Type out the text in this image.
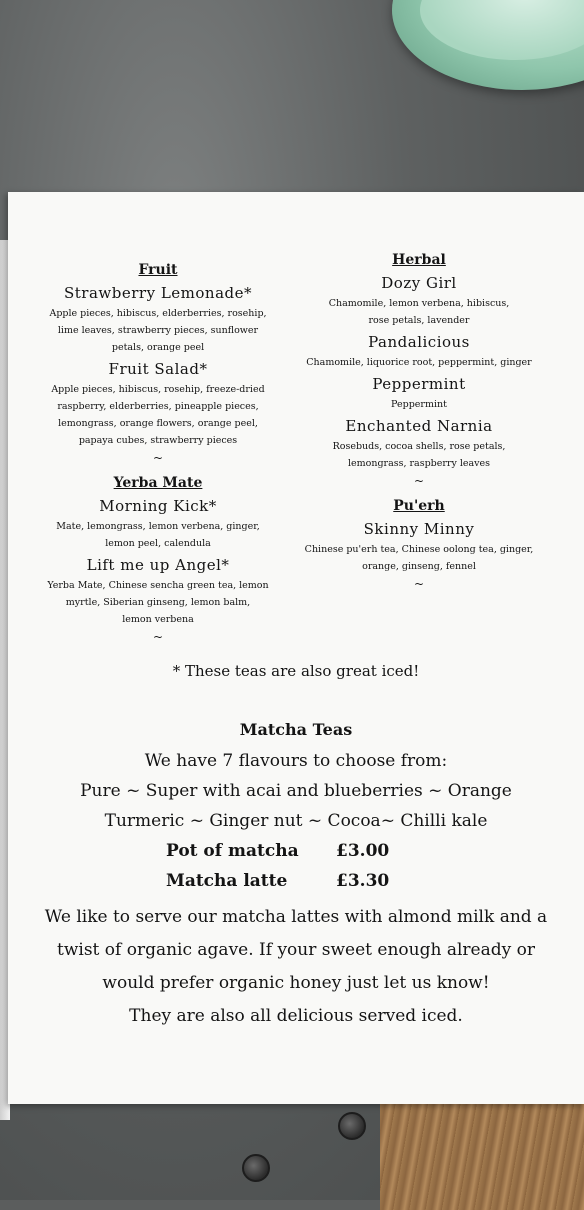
Fruit
Strawberry Lemonade*
Apple pieces, hibiscus, elderberries, rosehip,
lime leaves, strawberry pieces, sunflower
petals, orange peel
Fruit Salad*
Apple pieces, hibiscus, rosehip, freeze-dried
raspberry, elderberries, pineapple pieces,
lemongrass, orange flowers, orange peel,
papaya cubes, strawberry pieces
~
Yerba Mate
Morning Kick*
Mate, lemongrass, lemon verbena, ginger,
lemon peel, calendula
Lift me up Angel*
Yerba Mate, Chinese sencha green tea, lemon
myrtle, Siberian ginseng, lemon balm,
lemon verbena
~
Herbal
Dozy Girl
Chamomile, lemon verbena, hibiscus,
rose petals, lavender
Pandalicious
Chamomile, liquorice root, peppermint, ginger
Peppermint
Peppermint
Enchanted Narnia
Rosebuds, cocoa shells, rose petals,
lemongrass, raspberry leaves
~
Pu'erh
Skinny Minny
Chinese pu'erh tea, Chinese oolong tea, ginger,
orange, ginseng, fennel
~
* These teas are also great iced!
Matcha Teas
We have 7 flavours to choose from:
Pure ~ Super with acai and blueberries ~ Orange
Turmeric ~ Ginger nut ~ Cocoa~ Chilli kale
Pot of matcha	£3.00
Matcha latte	£3.30
We like to serve our matcha lattes with almond milk and a
twist of organic agave. If your sweet enough already or
would prefer organic honey just let us know!
They are also all delicious served iced.
